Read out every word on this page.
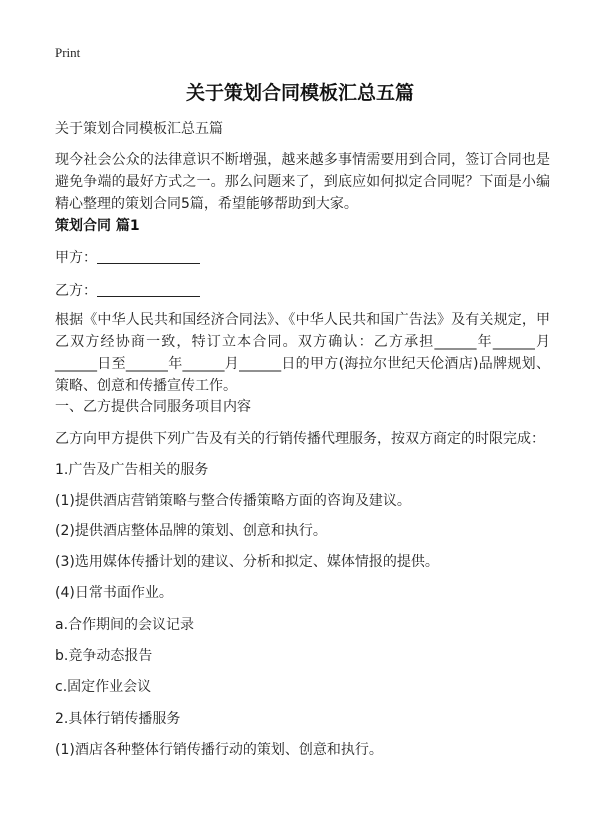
Print
关于策划合同模板汇总五篇
关于策划合同模板汇总五篇
现今社会公众的法律意识不断增强，越来越多事情需要用到合同，签订合同也是避免争端的最好方式之一。那么问题来了，到底应如何拟定合同呢？下面是小编精心整理的策划合同5篇，希望能够帮助到大家。
策划合同 篇1
甲方：
乙方：
根据《中华人民共和国经济合同法》、《中华人民共和国广告法》及有关规定，甲乙双方经协商一致，特订立本合同。双方确认：乙方承担______年______月______日至______年______月______日的甲方(海拉尔世纪天伦酒店)品牌规划、策略、创意和传播宣传工作。
一、乙方提供合同服务项目内容
乙方向甲方提供下列广告及有关的行销传播代理服务，按双方商定的时限完成：
1.广告及广告相关的服务
(1)提供酒店营销策略与整合传播策略方面的咨询及建议。
(2)提供酒店整体品牌的策划、创意和执行。
(3)选用媒体传播计划的建议、分析和拟定、媒体情报的提供。
(4)日常书面作业。
a.合作期间的会议记录
b.竞争动态报告
c.固定作业会议
2.具体行销传播服务
(1)酒店各种整体行销传播行动的策划、创意和执行。
